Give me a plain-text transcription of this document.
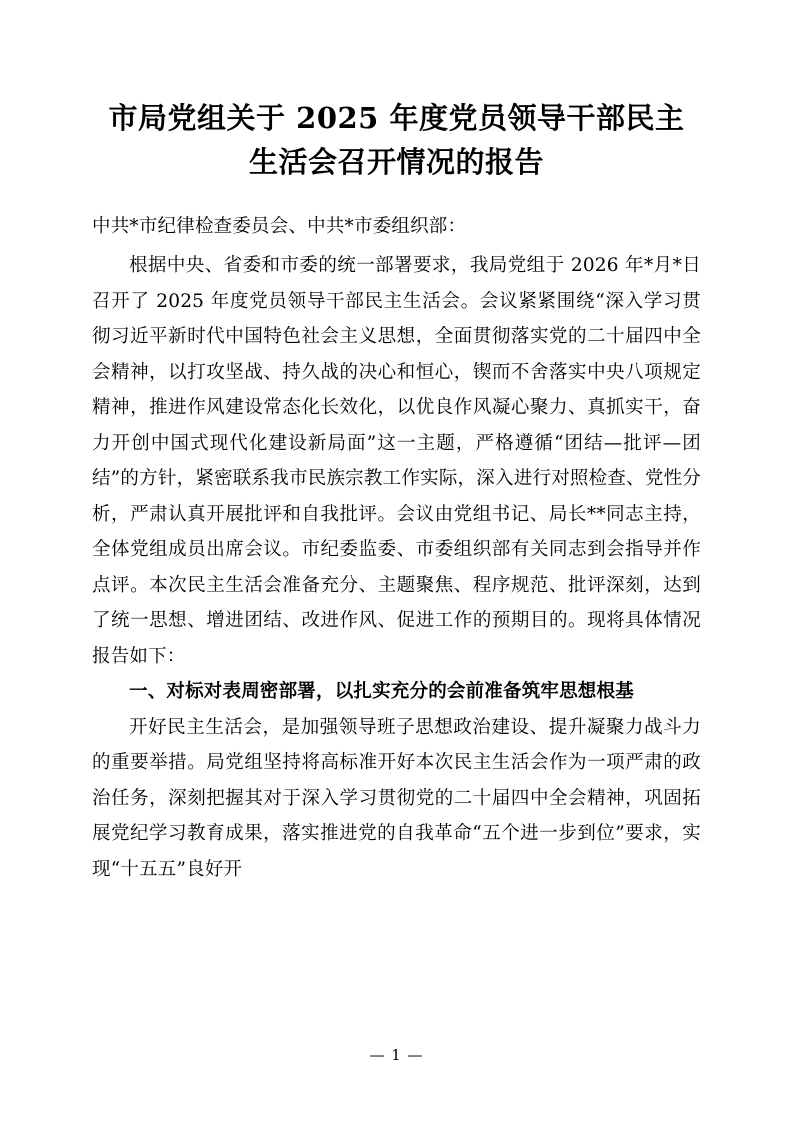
市局党组关于 2025 年度党员领导干部民主生活会召开情况的报告
中共*市纪律检查委员会、中共*市委组织部：

根据中央、省委和市委的统一部署要求，我局党组于 2026 年*月*日召开了 2025 年度党员领导干部民主生活会。会议紧紧围绕“深入学习贯彻习近平新时代中国特色社会主义思想，全面贯彻落实党的二十届四中全会精神，以打攻坚战、持久战的决心和恒心，锲而不舍落实中央八项规定精神，推进作风建设常态化长效化，以优良作风凝心聚力、真抓实干，奋力开创中国式现代化建设新局面”这一主题，严格遵循“团结—批评—团结”的方针，紧密联系我市民族宗教工作实际，深入进行对照检查、党性分析，严肃认真开展批评和自我批评。会议由党组书记、局长**同志主持，全体党组成员出席会议。市纪委监委、市委组织部有关同志到会指导并作点评。本次民主生活会准备充分、主题聚焦、程序规范、批评深刻，达到了统一思想、增进团结、改进作风、促进工作的预期目的。现将具体情况报告如下：

一、对标对表周密部署，以扎实充分的会前准备筑牢思想根基

开好民主生活会，是加强领导班子思想政治建设、提升凝聚力战斗力的重要举措。局党组坚持将高标准开好本次民主生活会作为一项严肃的政治任务，深刻把握其对于深入学习贯彻党的二十届四中全会精神，巩固拓展党纪学习教育成果，落实推进党的自我革命“五个进一步到位”要求，实现“十五五”良好开

— 1 —
